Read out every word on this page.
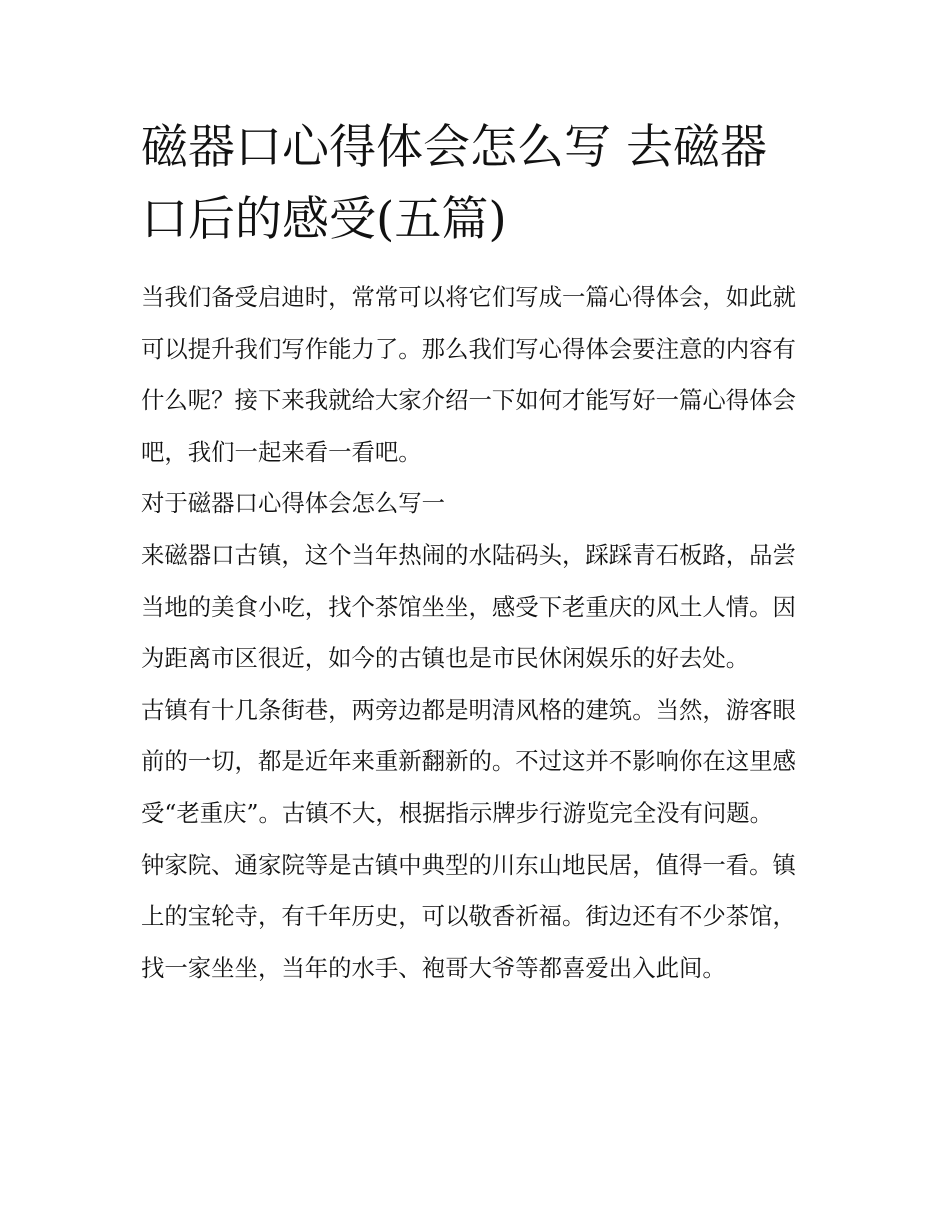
磁器口心得体会怎么写 去磁器口后的感受(五篇)

当我们备受启迪时，常常可以将它们写成一篇心得体会，如此就可以提升我们写作能力了。那么我们写心得体会要注意的内容有什么呢？接下来我就给大家介绍一下如何才能写好一篇心得体会吧，我们一起来看一看吧。

对于磁器口心得体会怎么写一

来磁器口古镇，这个当年热闹的水陆码头，踩踩青石板路，品尝当地的美食小吃，找个茶馆坐坐，感受下老重庆的风土人情。因为距离市区很近，如今的古镇也是市民休闲娱乐的好去处。

古镇有十几条街巷，两旁边都是明清风格的建筑。当然，游客眼前的一切，都是近年来重新翻新的。不过这并不影响你在这里感受“老重庆”。古镇不大，根据指示牌步行游览完全没有问题。

钟家院、通家院等是古镇中典型的川东山地民居，值得一看。镇上的宝轮寺，有千年历史，可以敬香祈福。街边还有不少茶馆，找一家坐坐，当年的水手、袍哥大爷等都喜爱出入此间。
